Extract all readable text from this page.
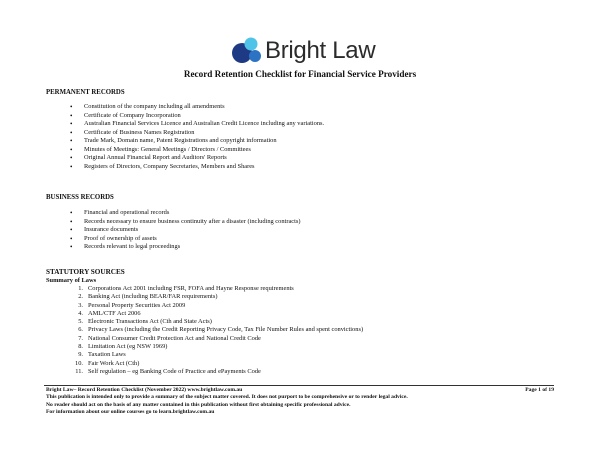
Bright Law
Record Retention Checklist for Financial Service Providers
PERMANENT RECORDS
• Constitution of the company including all amendments
• Certificate of Company Incorporation
• Australian Financial Services Licence and Australian Credit Licence including any variations.
• Certificate of Business Names Registration
• Trade Mark, Domain name, Patent Registrations and copyright information
• Minutes of Meetings: General Meetings / Directors / Committees
• Original Annual Financial Report and Auditors' Reports
• Registers of Directors, Company Secretaries, Members and Shares
BUSINESS RECORDS
• Financial and operational records
• Records necessary to ensure business continuity after a disaster (including contracts)
• Insurance documents
• Proof of ownership of assets
• Records relevant to legal proceedings
STATUTORY SOURCES
Summary of Laws
1. Corporations Act 2001 including FSR, FOFA and Hayne Response requirements
2. Banking Act (including BEAR/FAR requirements)
3. Personal Property Securities Act 2009
4. AML/CTF Act 2006
5. Electronic Transactions Act (Cth and State Acts)
6. Privacy Laws (including the Credit Reporting Privacy Code, Tax File Number Rules and spent convictions)
7. National Consumer Credit Protection Act and National Credit Code
8. Limitation Act (eg NSW 1969)
9. Taxation Laws
10. Fair Work Act (Cth)
11. Self regulation – eg Banking Code of Practice and ePayments Code
Bright Law– Record Retention Checklist (November 2022) www.brightlaw.com.au	Page 1 of 19
This publication is intended only to provide a summary of the subject matter covered. It does not purport to be comprehensive or to render legal advice.
No reader should act on the basis of any matter contained in this publication without first obtaining specific professional advice.
For information about our online courses go to learn.brightlaw.com.au
